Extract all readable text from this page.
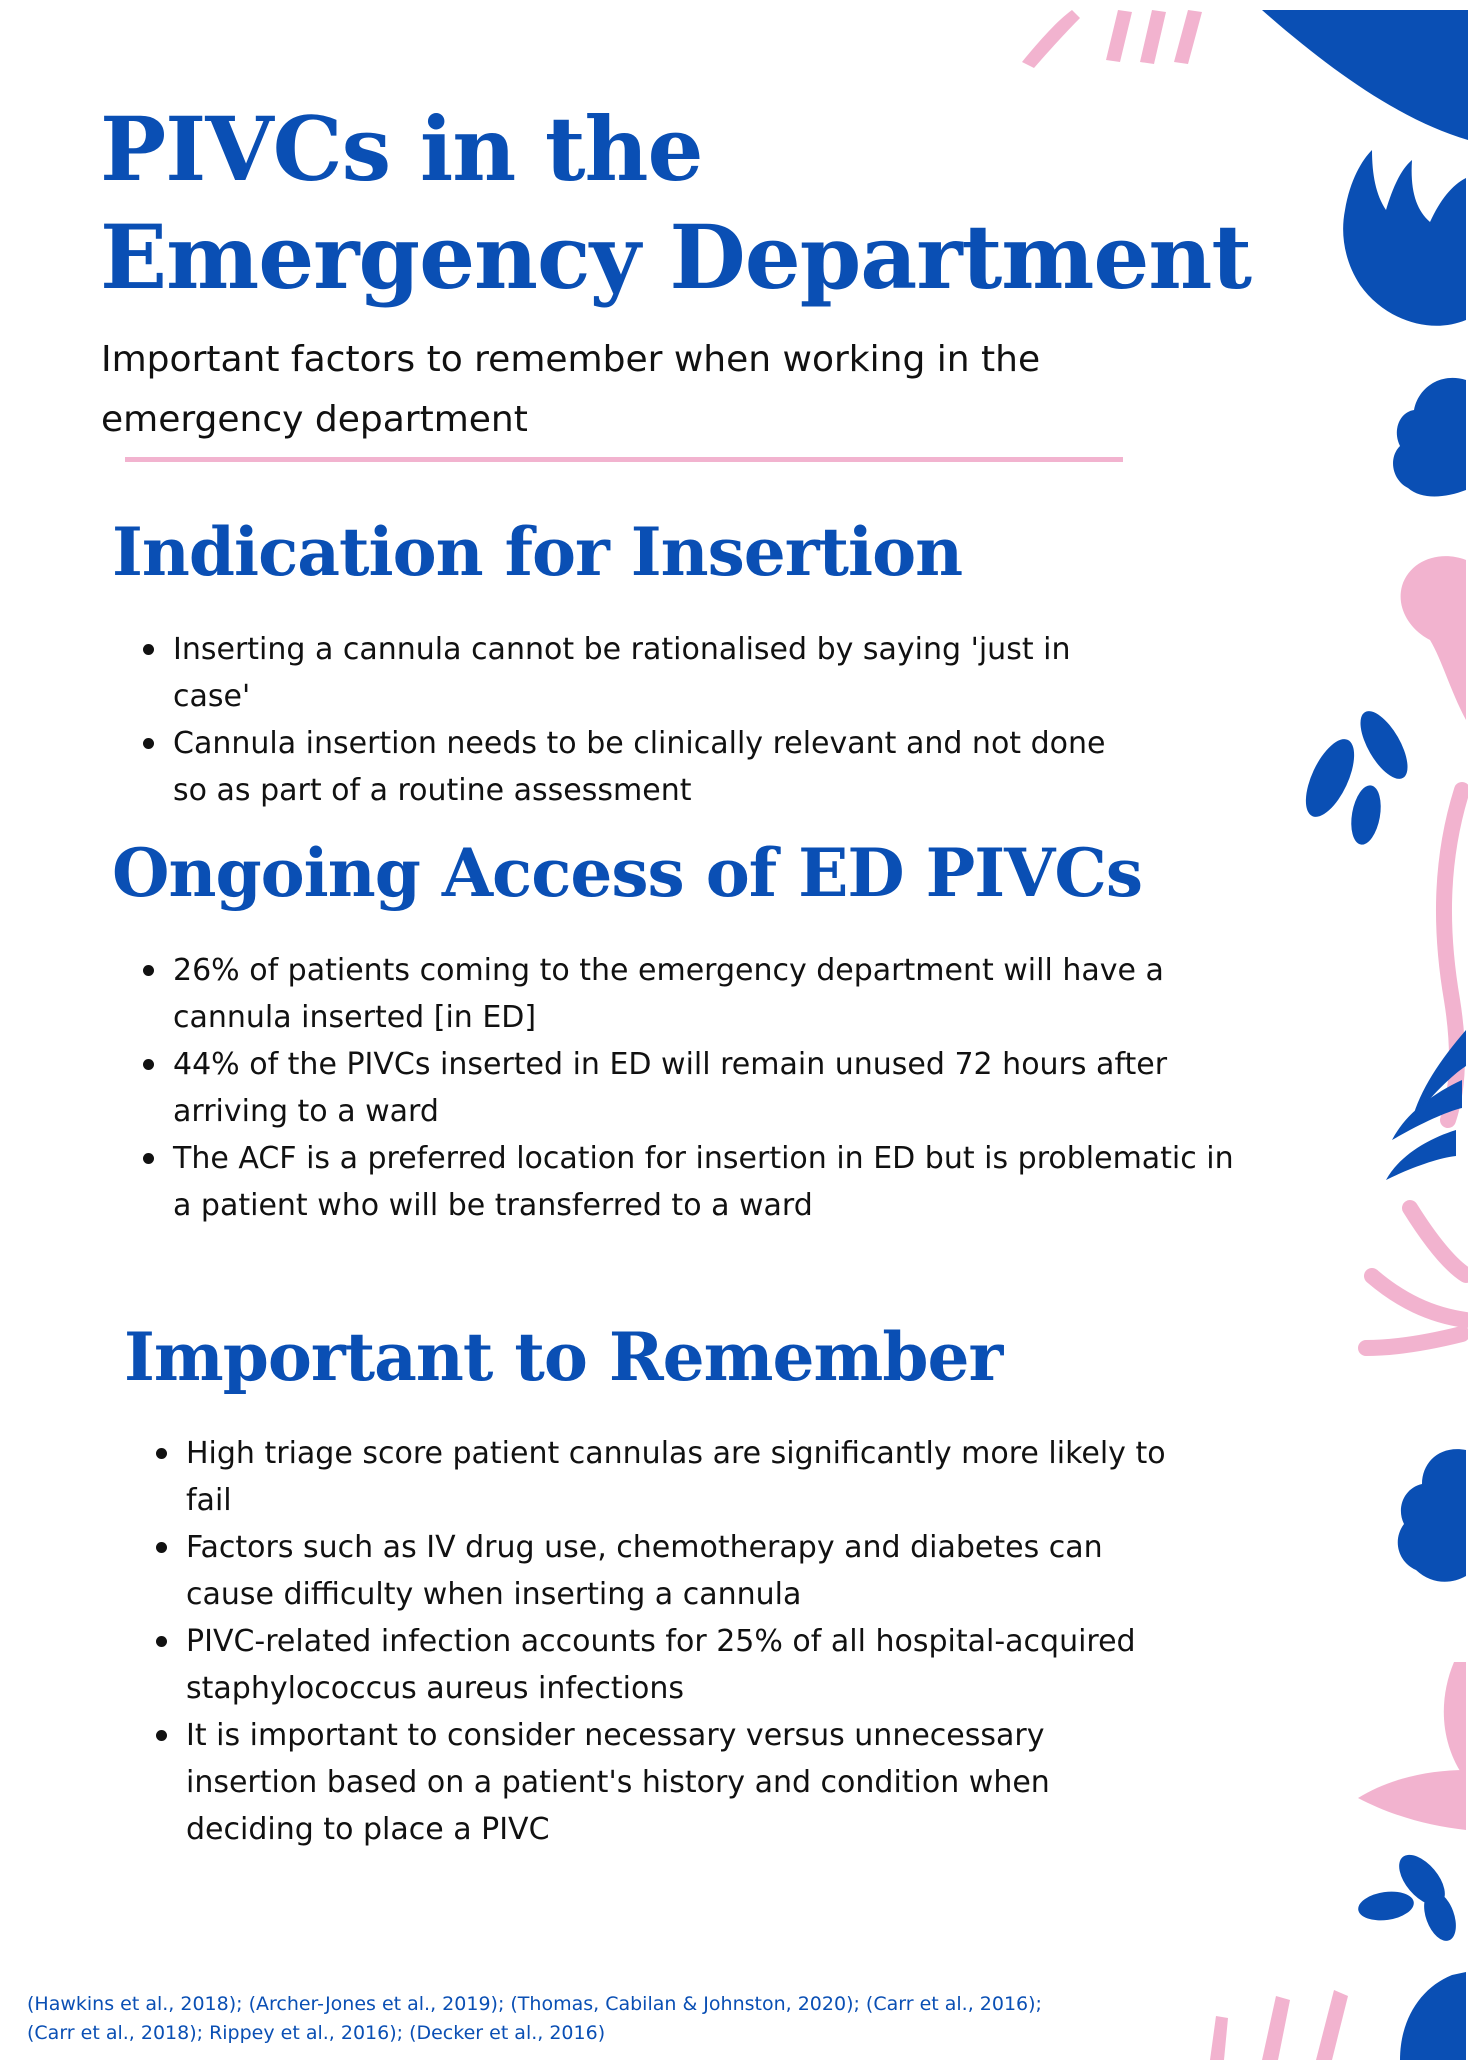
PIVCs in the
Emergency Department

Important factors to remember when working in the emergency department

Indication for Insertion
Inserting a cannula cannot be rationalised by saying 'just in case'
Cannula insertion needs to be clinically relevant and not done so as part of a routine assessment
Ongoing Access of ED PIVCs
26% of patients coming to the emergency department will have a cannula inserted [in ED]
44% of the PIVCs inserted in ED will remain unused 72 hours after arriving to a ward
The ACF is a preferred location for insertion in ED but is problematic in a patient who will be transferred to a ward
Important to Remember
High triage score patient cannulas are significantly more likely to fail
Factors such as IV drug use, chemotherapy and diabetes can cause difficulty when inserting a cannula
PIVC-related infection accounts for 25% of all hospital-acquired staphylococcus aureus infections
It is important to consider necessary versus unnecessary insertion based on a patient's history and condition when deciding to place a PIVC
(Hawkins et al., 2018); (Archer-Jones et al., 2019); (Thomas, Cabilan & Johnston, 2020); (Carr et al., 2016);
(Carr et al., 2018); Rippey et al., 2016); (Decker et al., 2016)
